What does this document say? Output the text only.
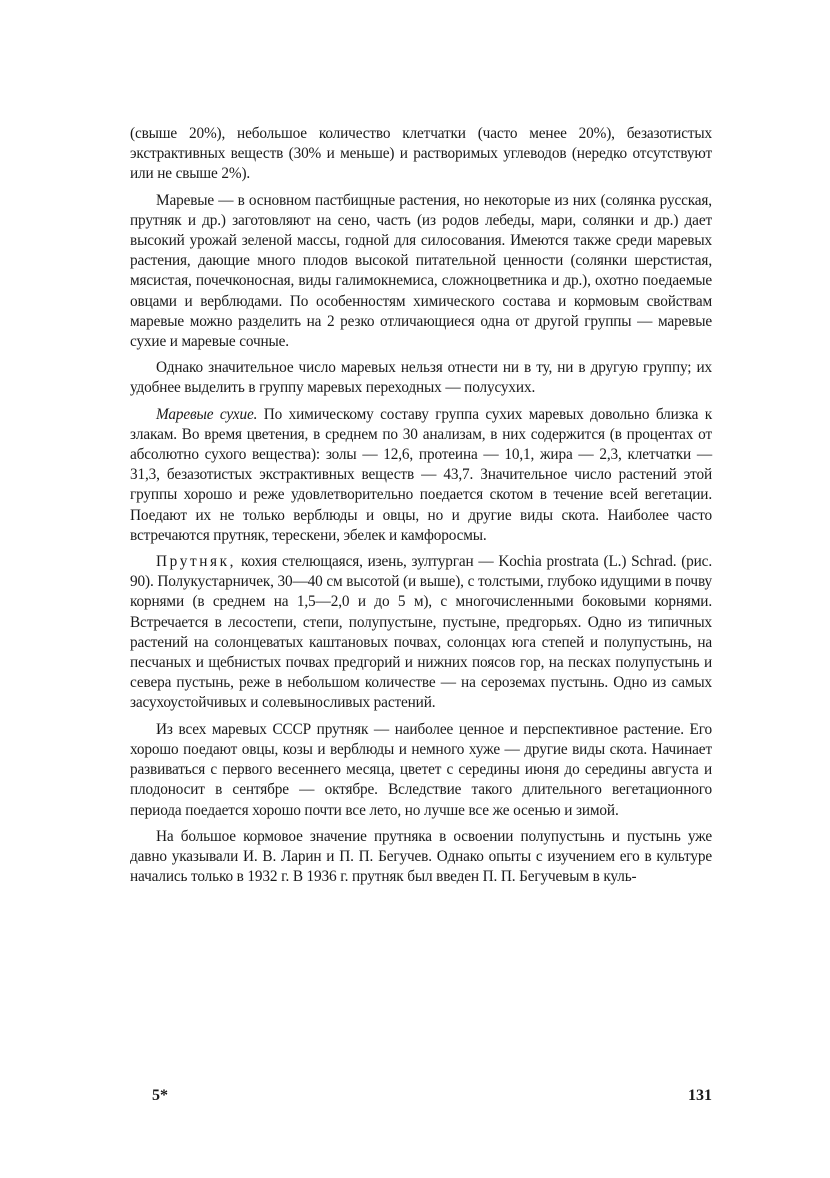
(свыше 20%), небольшое количество клетчатки (часто менее 20%), безазотистых экстрактивных веществ (30% и меньше) и растворимых углеводов (нередко отсутствуют или не свыше 2%).

Маревые — в основном пастбищные растения, но некоторые из них (солянка русская, прутняк и др.) заготовляют на сено, часть (из родов лебеды, мари, солянки и др.) дает высокий урожай зеленой массы, годной для силосования. Имеются также среди маревых растения, дающие много плодов высокой питательной ценности (солянки шерстистая, мясистая, почечконосная, виды галимокнемиса, сложноцветника и др.), охотно поедаемые овцами и верблюдами. По особенностям химического состава и кормовым свойствам маревые можно разделить на 2 резко отличающиеся одна от другой группы — маревые сухие и маревые сочные.

Однако значительное число маревых нельзя отнести ни в ту, ни в другую группу; их удобнее выделить в группу маревых переходных — полусухих.

Маревые сухие. По химическому составу группа сухих маревых довольно близка к злакам. Во время цветения, в среднем по 30 анализам, в них содержится (в процентах от абсолютно сухого вещества): золы — 12,6, протеина — 10,1, жира — 2,3, клетчатки — 31,3, безазотистых экстрактивных веществ — 43,7. Значительное число растений этой группы хорошо и реже удовлетворительно поедается скотом в течение всей вегетации. Поедают их не только верблюды и овцы, но и другие виды скота. Наиболее часто встречаются прутняк, терескени, эбелек и камфоросмы.

Прутняк, кохия стелющаяся, изень, зултурган — Kochia prostrata (L.) Schrad. (рис. 90). Полукустарничек, 30—40 см высотой (и выше), с толстыми, глубоко идущими в почву корнями (в среднем на 1,5—2,0 и до 5 м), с многочисленными боковыми корнями. Встречается в лесостепи, степи, полупустыне, пустыне, предгорьях. Одно из типичных растений на солонцеватых каштановых почвах, солонцах юга степей и полупустынь, на песчаных и щебнистых почвах предгорий и нижних поясов гор, на песках полупустынь и севера пустынь, реже в небольшом количестве — на сероземах пустынь. Одно из самых засухоустойчивых и солевыносливых растений.

Из всех маревых СССР прутняк — наиболее ценное и перспективное растение. Его хорошо поедают овцы, козы и верблюды и немного хуже — другие виды скота. Начинает развиваться с первого весеннего месяца, цветет с середины июня до середины августа и плодоносит в сентябре — октябре. Вследствие такого длительного вегетационного периода поедается хорошо почти все лето, но лучше все же осенью и зимой.

На большое кормовое значение прутняка в освоении полупустынь и пустынь уже давно указывали И. В. Ларин и П. П. Бегучев. Однако опыты с изучением его в культуре начались только в 1932 г. В 1936 г. прутняк был введен П. П. Бегучевым в куль-

5*	131
